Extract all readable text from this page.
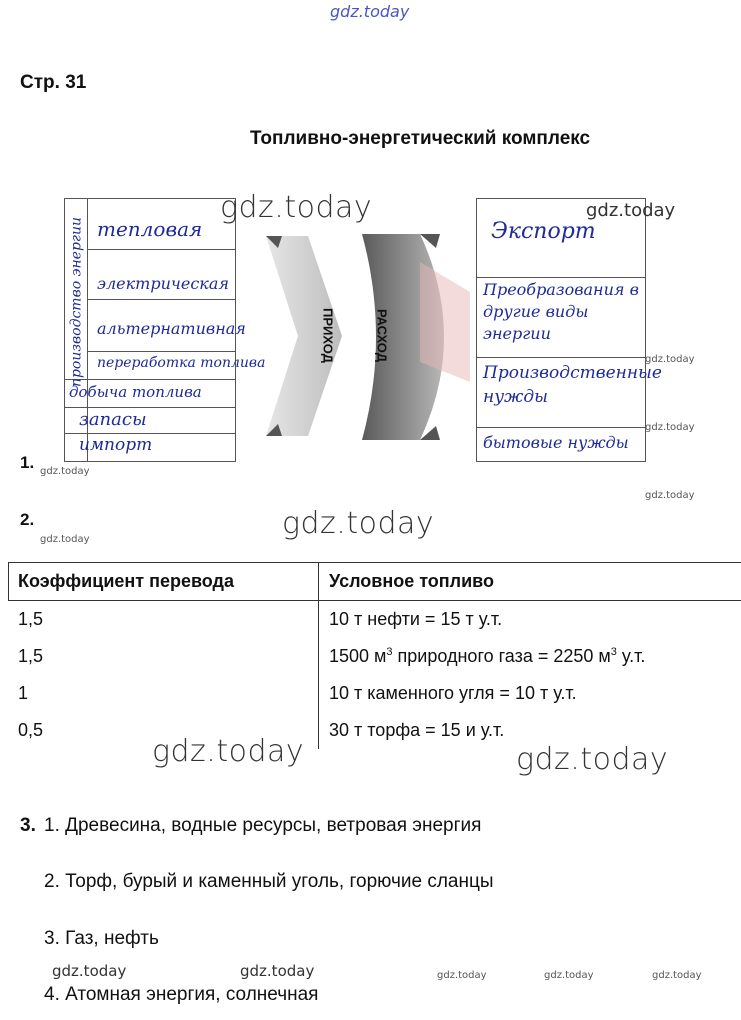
gdz.today
Стр. 31
Топливно-энергетический комплекс
производство энергии тепловая
электрическая
альтернативная
переработка топлива
добыча топлива
запасы
импорт
ПРИХОД	РАСХОД
Экспорт
Преобразования в другие виды энергии
Производственные нужды
бытовые нужды
gdz.today	gdz.today
gdz.today
gdz.today
gdz.today
1. gdz.today
2.
gdz.today	gdz.today
Коэффициент перевода	Условное топливо
1,5	10 т нефти = 15 т у.т.
1,5	1500 $м^3$ природного газа = 2250 $м^3$ у.т.
1	10 т каменного угля = 10 т у.т.
0,5	30 т торфа = 15 и у.т.
gdz.today	gdz.today
3. 1. Древесина, водные ресурсы, ветровая энергия
2. Торф, бурый и каменный уголь, горючие сланцы
3. Газ, нефть
4. Атомная энергия, солнечная
gdz.today	gdz.today	gdz.today	gdz.today	gdz.today
